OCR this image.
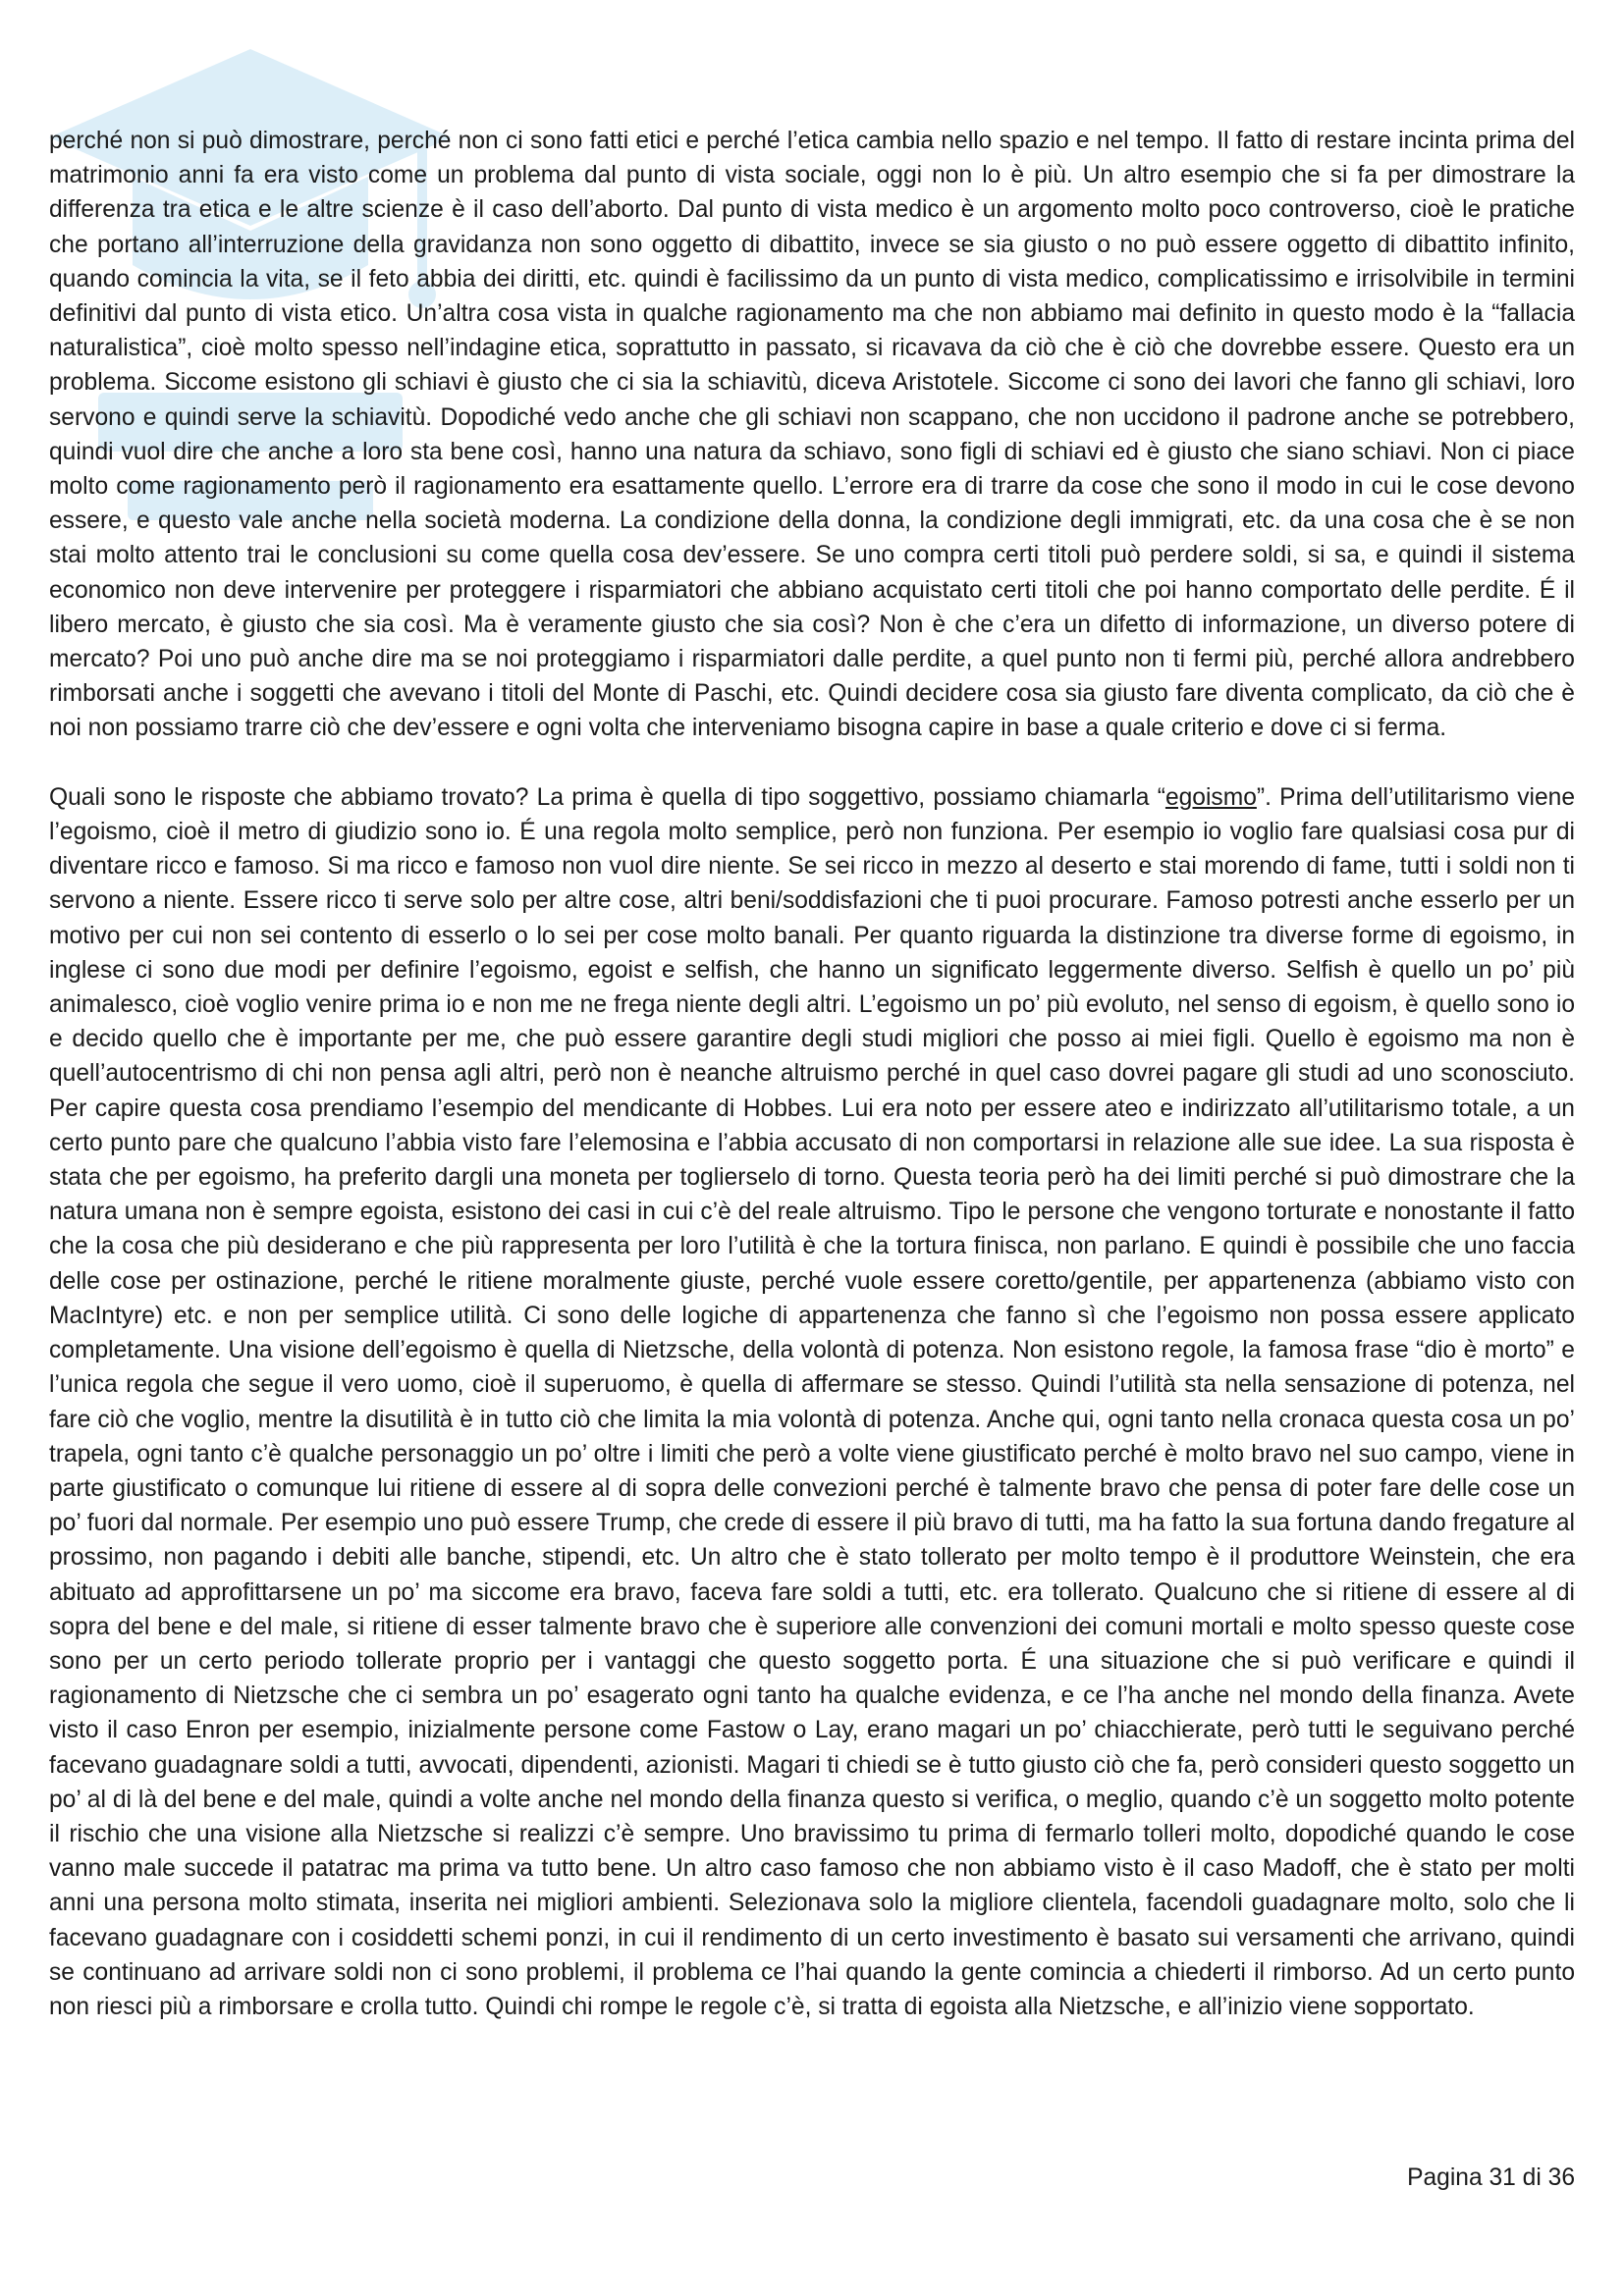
perché non si può dimostrare, perché non ci sono fatti etici e perché l’etica cambia nello spazio e nel tempo. Il fatto di restare incinta prima del matrimonio anni fa era visto come un problema dal punto di vista sociale, oggi non lo è più. Un altro esempio che si fa per dimostrare la differenza tra etica e le altre scienze è il caso dell’aborto. Dal punto di vista medico è un argomento molto poco controverso, cioè le pratiche che portano all’interruzione della gravidanza non sono oggetto di dibattito, invece se sia giusto o no può essere oggetto di dibattito infinito, quando comincia la vita, se il feto abbia dei diritti, etc. quindi è facilissimo da un punto di vista medico, complicatissimo e irrisolvibile in termini definitivi dal punto di vista etico. Un’altra cosa vista in qualche ragionamento ma che non abbiamo mai definito in questo modo è la “fallacia naturalistica”, cioè molto spesso nell’indagine etica, soprattutto in passato, si ricavava da ciò che è ciò che dovrebbe essere. Questo era un problema. Siccome esistono gli schiavi è giusto che ci sia la schiavitù, diceva Aristotele. Siccome ci sono dei lavori che fanno gli schiavi, loro servono e quindi serve la schiavitù. Dopodiché vedo anche che gli schiavi non scappano, che non uccidono il padrone anche se potrebbero, quindi vuol dire che anche a loro sta bene così, hanno una natura da schiavo, sono figli di schiavi ed è giusto che siano schiavi. Non ci piace molto come ragionamento però il ragionamento era esattamente quello. L’errore era di trarre da cose che sono il modo in cui le cose devono essere, e questo vale anche nella società moderna. La condizione della donna, la condizione degli immigrati, etc. da una cosa che è se non stai molto attento trai le conclusioni su come quella cosa dev’essere. Se uno compra certi titoli può perdere soldi, si sa, e quindi il sistema economico non deve intervenire per proteggere i risparmiatori che abbiano acquistato certi titoli che poi hanno comportato delle perdite. É il libero mercato, è giusto che sia così. Ma è veramente giusto che sia così? Non è che c’era un difetto di informazione, un diverso potere di mercato? Poi uno può anche dire ma se noi proteggiamo i risparmiatori dalle perdite, a quel punto non ti fermi più, perché allora andrebbero rimborsati anche i soggetti che avevano i titoli del Monte di Paschi, etc. Quindi decidere cosa sia giusto fare diventa complicato, da ciò che è noi non possiamo trarre ciò che dev’essere e ogni volta che interveniamo bisogna capire in base a quale criterio e dove ci si ferma.

Quali sono le risposte che abbiamo trovato? La prima è quella di tipo soggettivo, possiamo chiamarla “egoismo”. Prima dell’utilitarismo viene l’egoismo, cioè il metro di giudizio sono io. É una regola molto semplice, però non funziona. Per esempio io voglio fare qualsiasi cosa pur di diventare ricco e famoso. Si ma ricco e famoso non vuol dire niente. Se sei ricco in mezzo al deserto e stai morendo di fame, tutti i soldi non ti servono a niente. Essere ricco ti serve solo per altre cose, altri beni/soddisfazioni che ti puoi procurare. Famoso potresti anche esserlo per un motivo per cui non sei contento di esserlo o lo sei per cose molto banali. Per quanto riguarda la distinzione tra diverse forme di egoismo, in inglese ci sono due modi per definire l’egoismo, egoist e selfish, che hanno un significato leggermente diverso. Selfish è quello un po’ più animalesco, cioè voglio venire prima io e non me ne frega niente degli altri. L’egoismo un po’ più evoluto, nel senso di egoism, è quello sono io e decido quello che è importante per me, che può essere garantire degli studi migliori che posso ai miei figli. Quello è egoismo ma non è quell’autocentrismo di chi non pensa agli altri, però non è neanche altruismo perché in quel caso dovrei pagare gli studi ad uno sconosciuto. Per capire questa cosa prendiamo l’esempio del mendicante di Hobbes. Lui era noto per essere ateo e indirizzato all’utilitarismo totale, a un certo punto pare che qualcuno l’abbia visto fare l’elemosina e l’abbia accusato di non comportarsi in relazione alle sue idee. La sua risposta è stata che per egoismo, ha preferito dargli una moneta per toglierselo di torno. Questa teoria però ha dei limiti perché si può dimostrare che la natura umana non è sempre egoista, esistono dei casi in cui c’è del reale altruismo. Tipo le persone che vengono torturate e nonostante il fatto che la cosa che più desiderano e che più rappresenta per loro l’utilità è che la tortura finisca, non parlano. E quindi è possibile che uno faccia delle cose per ostinazione, perché le ritiene moralmente giuste, perché vuole essere coretto/gentile, per appartenenza (abbiamo visto con MacIntyre) etc. e non per semplice utilità. Ci sono delle logiche di appartenenza che fanno sì che l’egoismo non possa essere applicato completamente. Una visione dell’egoismo è quella di Nietzsche, della volontà di potenza. Non esistono regole, la famosa frase “dio è morto” e l’unica regola che segue il vero uomo, cioè il superuomo, è quella di affermare se stesso. Quindi l’utilità sta nella sensazione di potenza, nel fare ciò che voglio, mentre la disutilità è in tutto ciò che limita la mia volontà di potenza. Anche qui, ogni tanto nella cronaca questa cosa un po’ trapela, ogni tanto c’è qualche personaggio un po’ oltre i limiti che però a volte viene giustificato perché è molto bravo nel suo campo, viene in parte giustificato o comunque lui ritiene di essere al di sopra delle convezioni perché è talmente bravo che pensa di poter fare delle cose un po’ fuori dal normale. Per esempio uno può essere Trump, che crede di essere il più bravo di tutti, ma ha fatto la sua fortuna dando fregature al prossimo, non pagando i debiti alle banche, stipendi, etc. Un altro che è stato tollerato per molto tempo è il produttore Weinstein, che era abituato ad approfittarsene un po’ ma siccome era bravo, faceva fare soldi a tutti, etc. era tollerato. Qualcuno che si ritiene di essere al di sopra del bene e del male, si ritiene di esser talmente bravo che è superiore alle convenzioni dei comuni mortali e molto spesso queste cose sono per un certo periodo tollerate proprio per i vantaggi che questo soggetto porta. É una situazione che si può verificare e quindi il ragionamento di Nietzsche che ci sembra un po’ esagerato ogni tanto ha qualche evidenza, e ce l’ha anche nel mondo della finanza. Avete visto il caso Enron per esempio, inizialmente persone come Fastow o Lay, erano magari un po’ chiacchierate, però tutti le seguivano perché facevano guadagnare soldi a tutti, avvocati, dipendenti, azionisti. Magari ti chiedi se è tutto giusto ciò che fa, però consideri questo soggetto un po’ al di là del bene e del male, quindi a volte anche nel mondo della finanza questo si verifica, o meglio, quando c’è un soggetto molto potente il rischio che una visione alla Nietzsche si realizzi c’è sempre. Uno bravissimo tu prima di fermarlo tolleri molto, dopodiché quando le cose vanno male succede il patatrac ma prima va tutto bene. Un altro caso famoso che non abbiamo visto è il caso Madoff, che è stato per molti anni una persona molto stimata, inserita nei migliori ambienti. Selezionava solo la migliore clientela, facendoli guadagnare molto, solo che li facevano guadagnare con i cosiddetti schemi ponzi, in cui il rendimento di un certo investimento è basato sui versamenti che arrivano, quindi se continuano ad arrivare soldi non ci sono problemi, il problema ce l’hai quando la gente comincia a chiederti il rimborso. Ad un certo punto non riesci più a rimborsare e crolla tutto. Quindi chi rompe le regole c’è, si tratta di egoista alla Nietzsche, e all’inizio viene sopportato.

Pagina 31 di 36
